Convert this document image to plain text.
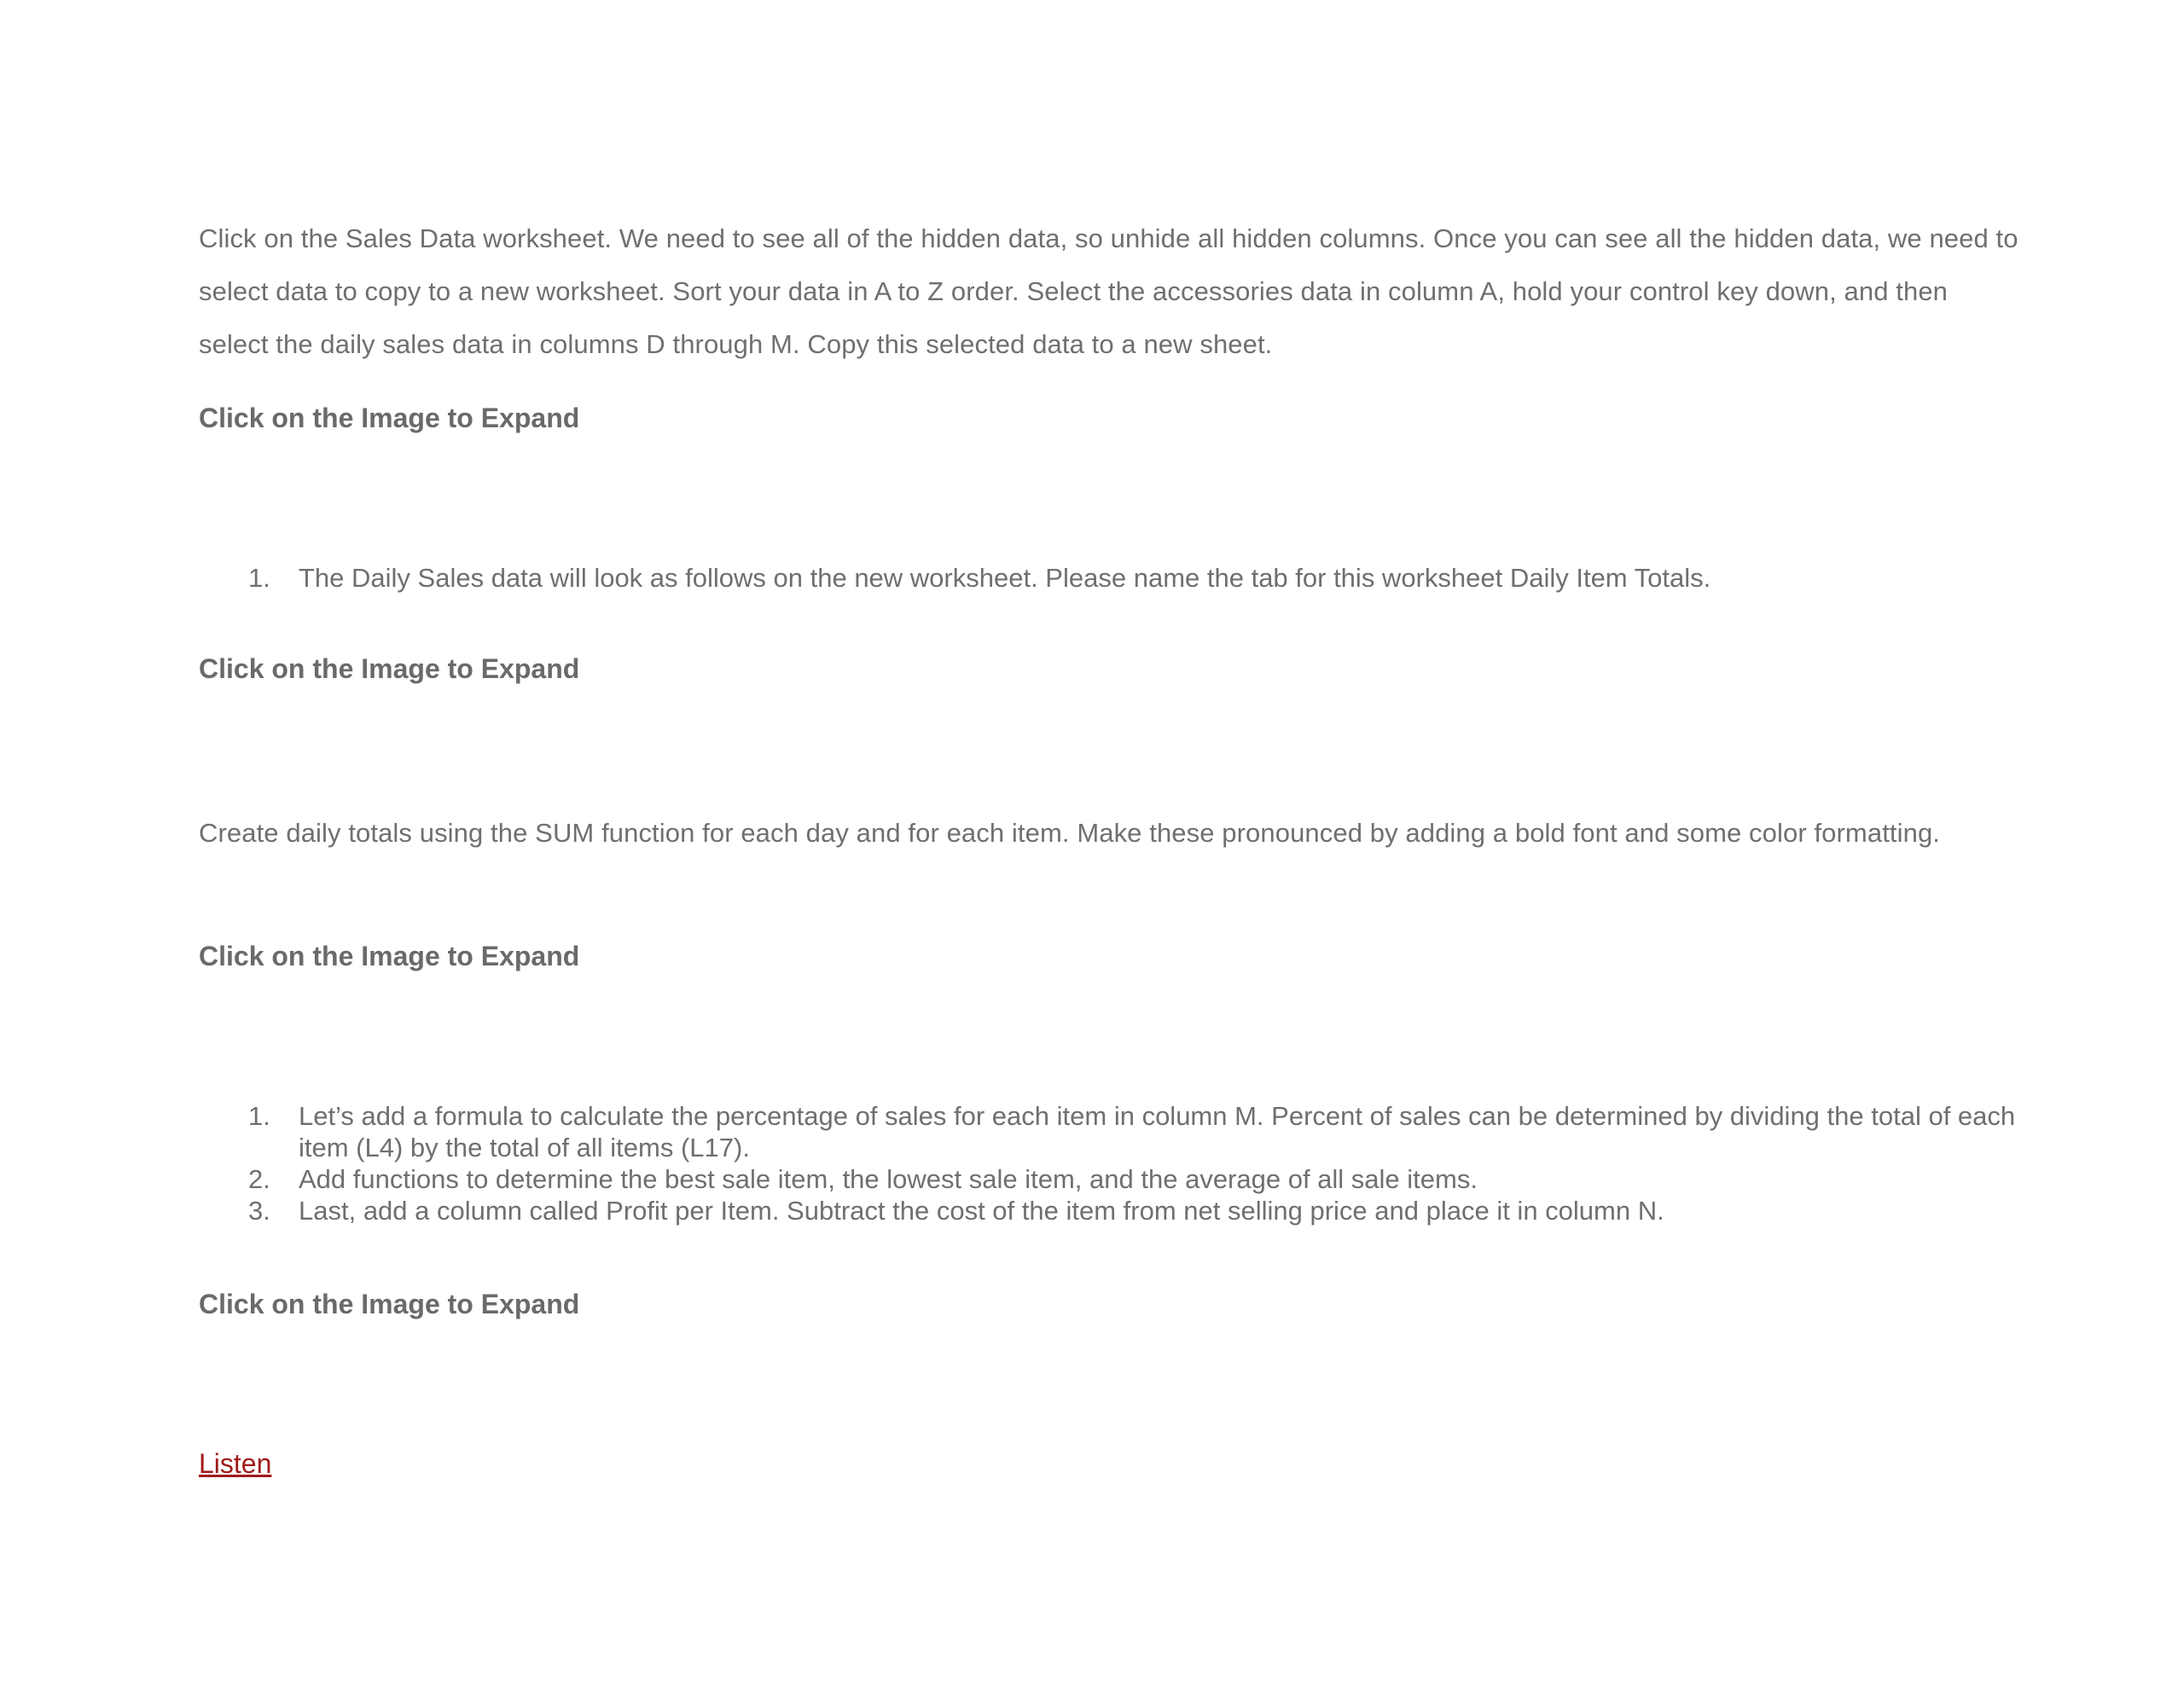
Click on the Sales Data worksheet. We need to see all of the hidden data, so unhide all hidden columns. Once you can see all the hidden data, we need to select data to copy to a new worksheet. Sort your data in A to Z order. Select the accessories data in column A, hold your control key down, and then select the daily sales data in columns D through M. Copy this selected data to a new sheet.

Click on the Image to Expand
1. The Daily Sales data will look as follows on the new worksheet. Please name the tab for this worksheet Daily Item Totals.
Click on the Image to Expand

Create daily totals using the SUM function for each day and for each item. Make these pronounced by adding a bold font and some color formatting.

Click on the Image to Expand
1. Let’s add a formula to calculate the percentage of sales for each item in column M. Percent of sales can be determined by dividing the total of each item (L4) by the total of all items (L17).
2. Add functions to determine the best sale item, the lowest sale item, and the average of all sale items.
3. Last, add a column called Profit per Item. Subtract the cost of the item from net selling price and place it in column N.
Click on the Image to Expand
Listen
